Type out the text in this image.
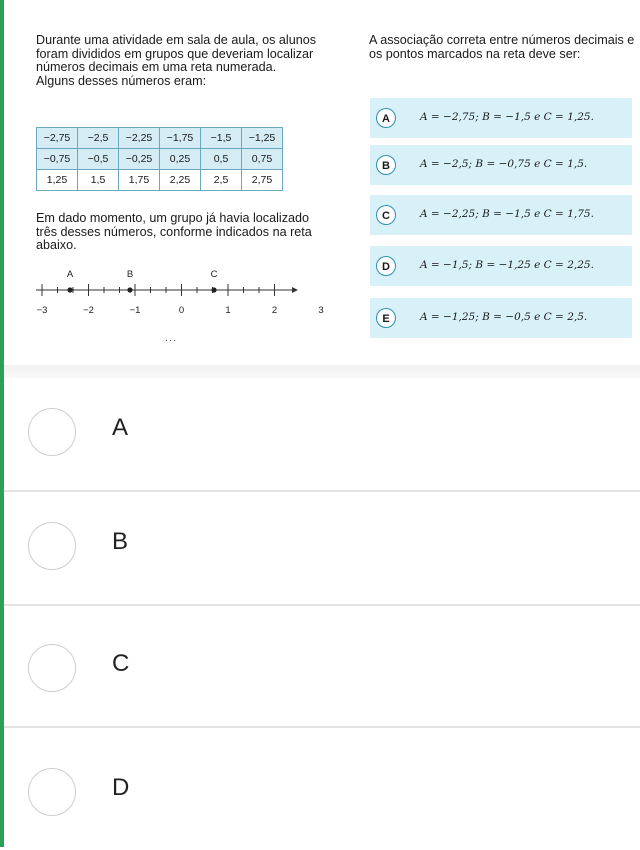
Durante uma atividade em sala de aula, os alunos foram divididos em grupos que deveriam localizar números decimais em uma reta numerada.

Alguns desses números eram:

−2,75	−2,5	−2,25	−1,75	−1,5	−1,25
−0,75	−0,5	−0,25	0,25	0,5	0,75
1,25	1,5	1,75	2,25	2,5	2,75

Em dado momento, um grupo já havia localizado três desses números, conforme indicados na reta abaixo.

A	B	C
−3	−2	−1	0	1	2	3

A associação correta entre números decimais e os pontos marcados na reta deve ser:

A	A = −2,75; B = −1,5 e C = 1,25.
B	A = −2,5; B = −0,75 e C = 1,5.
C	A = −2,25; B = −1,5 e C = 1,75.
D	A = −1,5; B = −1,25 e C = 2,25.
E	A = −1,25; B = −0,5 e C = 2,5.
...
A
B
C
D
